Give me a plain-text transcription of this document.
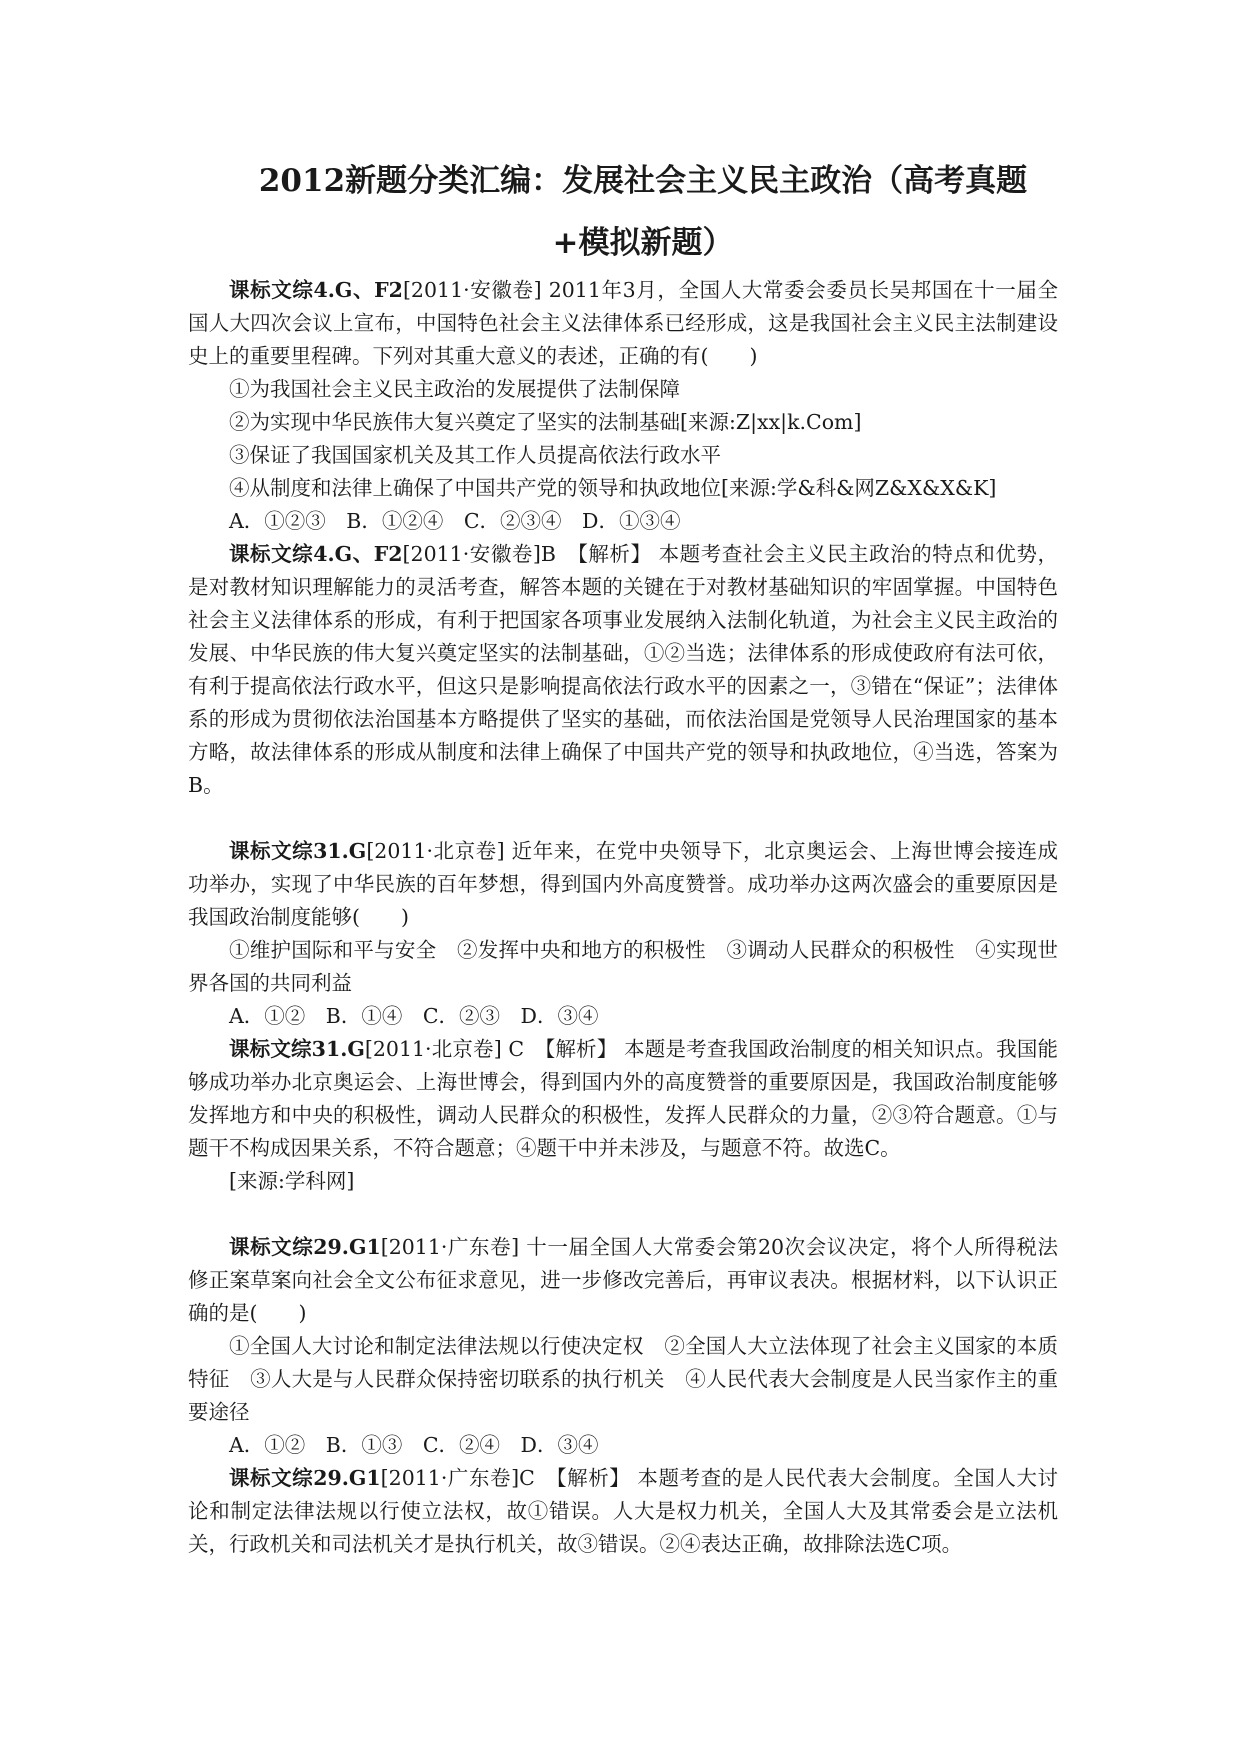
2012新题分类汇编：发展社会主义民主政治（高考真题
+模拟新题）

课标文综4.G、F2[2011·安徽卷] 2011年3月，全国人大常委会委员长吴邦国在十一届全国人大四次会议上宣布，中国特色社会主义法律体系已经形成，这是我国社会主义民主法制建设史上的重要里程碑。下列对其重大意义的表述，正确的有(　　)

①为我国社会主义民主政治的发展提供了法制保障

②为实现中华民族伟大复兴奠定了坚实的法制基础[来源:Z|xx|k.Com]

③保证了我国国家机关及其工作人员提高依法行政水平

④从制度和法律上确保了中国共产党的领导和执政地位[来源:学&科&网Z&X&X&K]

A．①②③　B．①②④　C．②③④　D．①③④

课标文综4.G、F2[2011·安徽卷]B　【解析】 本题考查社会主义民主政治的特点和优势，是对教材知识理解能力的灵活考查，解答本题的关键在于对教材基础知识的牢固掌握。中国特色社会主义法律体系的形成，有利于把国家各项事业发展纳入法制化轨道，为社会主义民主政治的发展、中华民族的伟大复兴奠定坚实的法制基础，①②当选；法律体系的形成使政府有法可依，有利于提高依法行政水平，但这只是影响提高依法行政水平的因素之一，③错在“保证”；法律体系的形成为贯彻依法治国基本方略提供了坚实的基础，而依法治国是党领导人民治理国家的基本方略，故法律体系的形成从制度和法律上确保了中国共产党的领导和执政地位，④当选，答案为B。

课标文综31.G[2011·北京卷] 近年来，在党中央领导下，北京奥运会、上海世博会接连成功举办，实现了中华民族的百年梦想，得到国内外高度赞誉。成功举办这两次盛会的重要原因是我国政治制度能够(　　)

①维护国际和平与安全　②发挥中央和地方的积极性　③调动人民群众的积极性　④实现世界各国的共同利益

A．①②　B．①④　C．②③　D．③④

课标文综31.G[2011·北京卷] C　【解析】 本题是考查我国政治制度的相关知识点。我国能够成功举办北京奥运会、上海世博会，得到国内外的高度赞誉的重要原因是，我国政治制度能够发挥地方和中央的积极性，调动人民群众的积极性，发挥人民群众的力量，②③符合题意。①与题干不构成因果关系，不符合题意；④题干中并未涉及，与题意不符。故选C。

[来源:学科网]

课标文综29.G1[2011·广东卷] 十一届全国人大常委会第20次会议决定，将个人所得税法修正案草案向社会全文公布征求意见，进一步修改完善后，再审议表决。根据材料，以下认识正确的是(　　)

①全国人大讨论和制定法律法规以行使决定权　②全国人大立法体现了社会主义国家的本质特征　③人大是与人民群众保持密切联系的执行机关　④人民代表大会制度是人民当家作主的重要途径

A．①②　B．①③　C．②④　D．③④

课标文综29.G1[2011·广东卷]C　【解析】 本题考查的是人民代表大会制度。全国人大讨论和制定法律法规以行使立法权，故①错误。人大是权力机关，全国人大及其常委会是立法机关，行政机关和司法机关才是执行机关，故③错误。②④表达正确，故排除法选C项。
